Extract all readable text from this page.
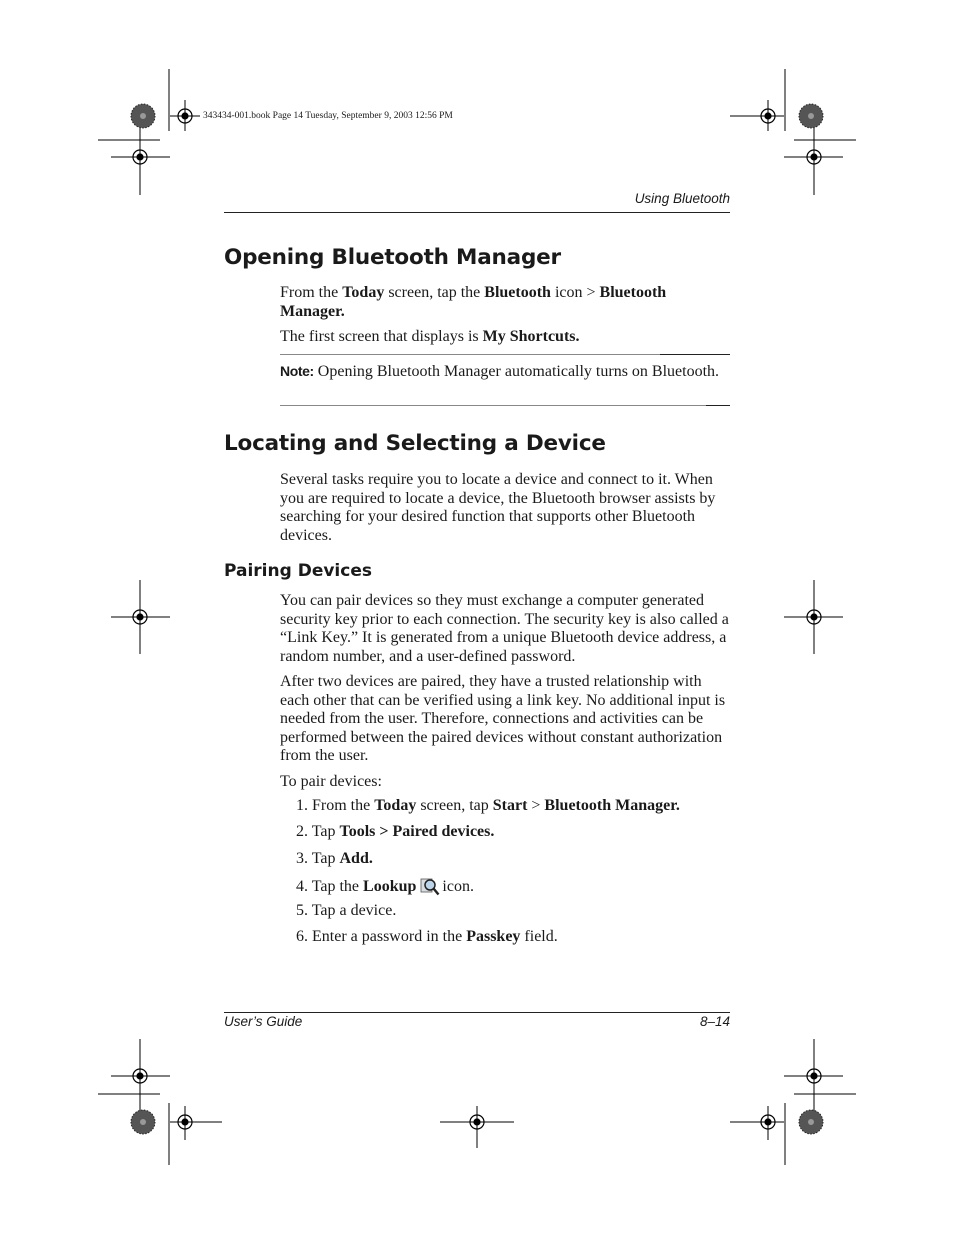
343434-001.book Page 14 Tuesday, September 9, 2003 12:56 PM
Using Bluetooth
Opening Bluetooth Manager

From the Today screen, tap the Bluetooth icon > Bluetooth Manager.

The first screen that displays is My Shortcuts.

Note: Opening Bluetooth Manager automatically turns on Bluetooth.

Locating and Selecting a Device

Several tasks require you to locate a device and connect to it. When you are required to locate a device, the Bluetooth browser assists by searching for your desired function that supports other Bluetooth devices.

Pairing Devices

You can pair devices so they must exchange a computer generated security key prior to each connection. The security key is also called a “Link Key.” It is generated from a unique Bluetooth device address, a random number, and a user-defined password.

After two devices are paired, they have a trusted relationship with each other that can be verified using a link key. No additional input is needed from the user. Therefore, connections and activities can be performed between the paired devices without constant authorization from the user.

To pair devices:

1. From the Today screen, tap Start > Bluetooth Manager.
2. Tap Tools > Paired devices.
3. Tap Add.
4. Tap the Lookup icon.
5. Tap a device.
6. Enter a password in the Passkey field.
User’s Guide	8–14
